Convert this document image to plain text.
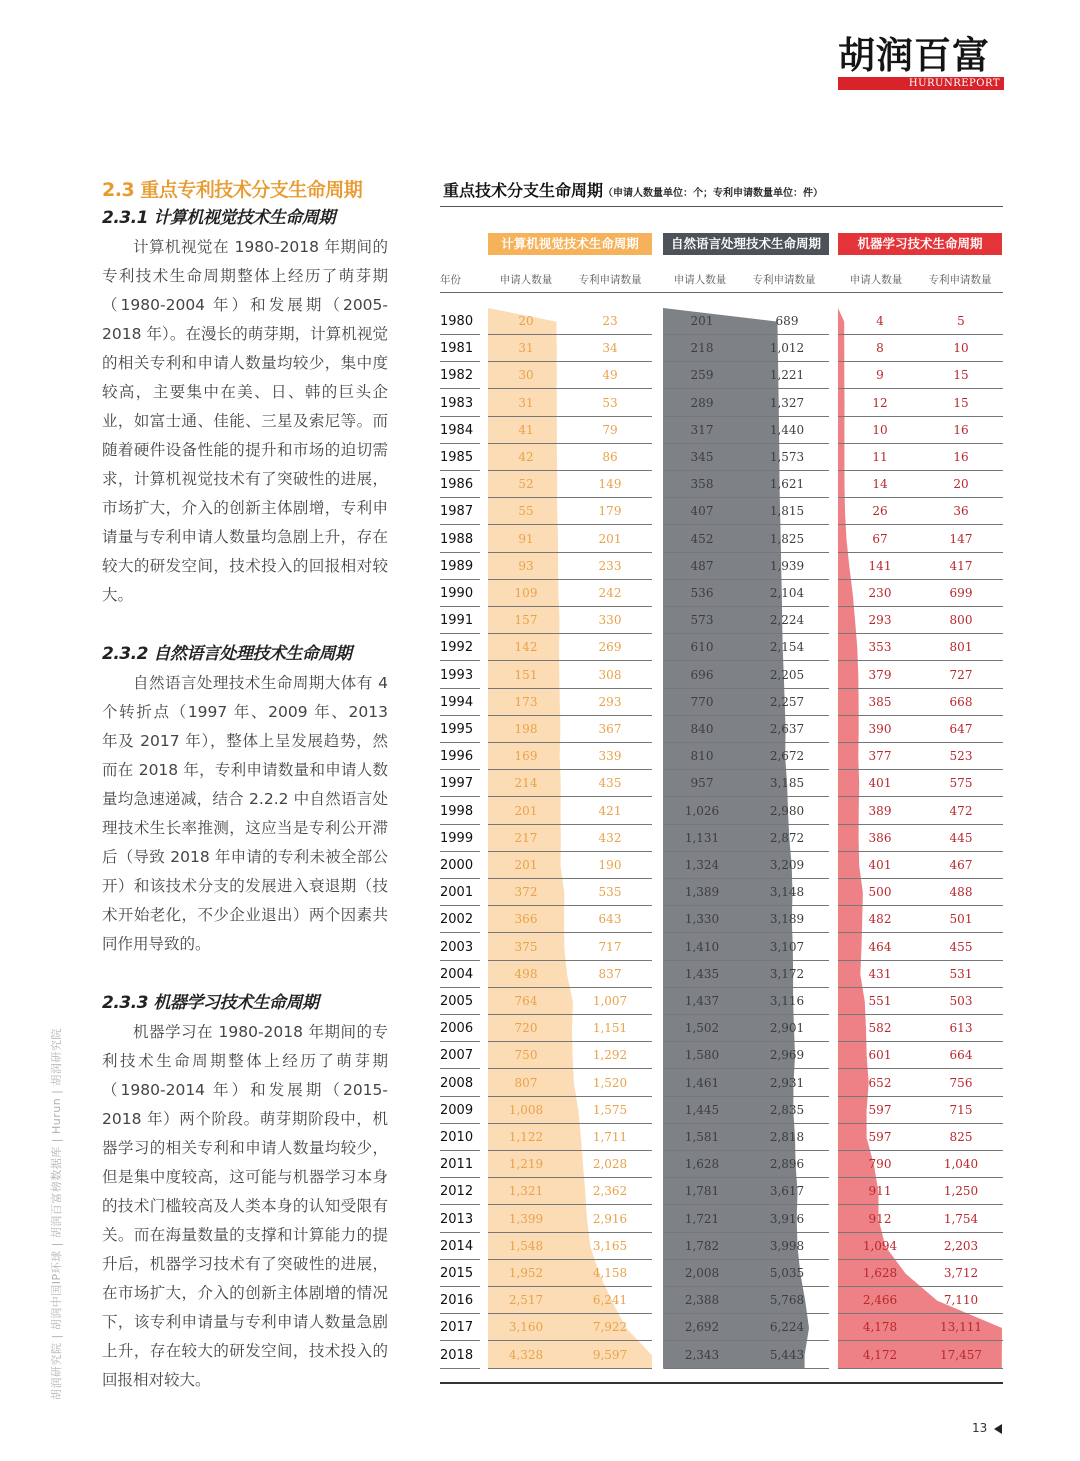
胡润百富
HURUNREPORT
胡润研究院 | 胡润中国IP环球 | 胡润百富榜数据库 | Hurun | 胡润研究院
2.3 重点专利技术分支生命周期
2.3.1 计算机视觉技术生命周期

计算机视觉在 1980-2018 年期间的专利技术生命周期整体上经历了萌芽期（1980-2004 年）和发展期（2005-2018 年）。在漫长的萌芽期，计算机视觉的相关专利和申请人数量均较少，集中度较高，主要集中在美、日、韩的巨头企业，如富士通、佳能、三星及索尼等。而随着硬件设备性能的提升和市场的迫切需求，计算机视觉技术有了突破性的进展，市场扩大，介入的创新主体剧增，专利申请量与专利申请人数量均急剧上升，存在较大的研发空间，技术投入的回报相对较大。

2.3.2 自然语言处理技术生命周期

自然语言处理技术生命周期大体有 4 个转折点（1997 年、2009 年、2013 年及 2017 年），整体上呈发展趋势，然而在 2018 年，专利申请数量和申请人数量均急速递减，结合 2.2.2 中自然语言处理技术生长率推测，这应当是专利公开滞后（导致 2018 年申请的专利未被全部公开）和该技术分支的发展进入衰退期（技术开始老化，不少企业退出）两个因素共同作用导致的。

2.3.3 机器学习技术生命周期

机器学习在 1980-2018 年期间的专利技术生命周期整体上经历了萌芽期（1980-2014 年）和发展期（2015-2018 年）两个阶段。萌芽期阶段中，机器学习的相关专利和申请人数量均较少，但是集中度较高，这可能与机器学习本身的技术门槛较高及人类本身的认知受限有关。而在海量数量的支撑和计算能力的提升后，机器学习技术有了突破性的进展，在市场扩大，介入的创新主体剧增的情况下，该专利申请量与专利申请人数量急剧上升，存在较大的研发空间，技术投入的回报相对较大。

重点技术分支生命周期（申请人数量单位：个；专利申请数量单位：件）
计算机视觉技术生命周期	自然语言处理技术生命周期	机器学习技术生命周期
年份	申请人数量	专利申请数量	申请人数量	专利申请数量	申请人数量	专利申请数量
1980	20	23	201	689	4	5
1981	31	34	218	1,012	8	10
1982	30	49	259	1,221	9	15
1983	31	53	289	1,327	12	15
1984	41	79	317	1,440	10	16
1985	42	86	345	1,573	11	16
1986	52	149	358	1,621	14	20
1987	55	179	407	1,815	26	36
1988	91	201	452	1,825	67	147
1989	93	233	487	1,939	141	417
1990	109	242	536	2,104	230	699
1991	157	330	573	2,224	293	800
1992	142	269	610	2,154	353	801
1993	151	308	696	2,205	379	727
1994	173	293	770	2,257	385	668
1995	198	367	840	2,637	390	647
1996	169	339	810	2,672	377	523
1997	214	435	957	3,185	401	575
1998	201	421	1,026	2,980	389	472
1999	217	432	1,131	2,872	386	445
2000	201	190	1,324	3,209	401	467
2001	372	535	1,389	3,148	500	488
2002	366	643	1,330	3,189	482	501
2003	375	717	1,410	3,107	464	455
2004	498	837	1,435	3,172	431	531
2005	764	1,007	1,437	3,116	551	503
2006	720	1,151	1,502	2,901	582	613
2007	750	1,292	1,580	2,969	601	664
2008	807	1,520	1,461	2,931	652	756
2009	1,008	1,575	1,445	2,835	597	715
2010	1,122	1,711	1,581	2,818	597	825
2011	1,219	2,028	1,628	2,896	790	1,040
2012	1,321	2,362	1,781	3,617	911	1,250
2013	1,399	2,916	1,721	3,916	912	1,754
2014	1,548	3,165	1,782	3,998	1,094	2,203
2015	1,952	4,158	2,008	5,035	1,628	3,712
2016	2,517	6,241	2,388	5,768	2,466	7,110
2017	3,160	7,922	2,692	6,224	4,178	13,111
2018	4,328	9,597	2,343	5,443	4,172	17,457
13
